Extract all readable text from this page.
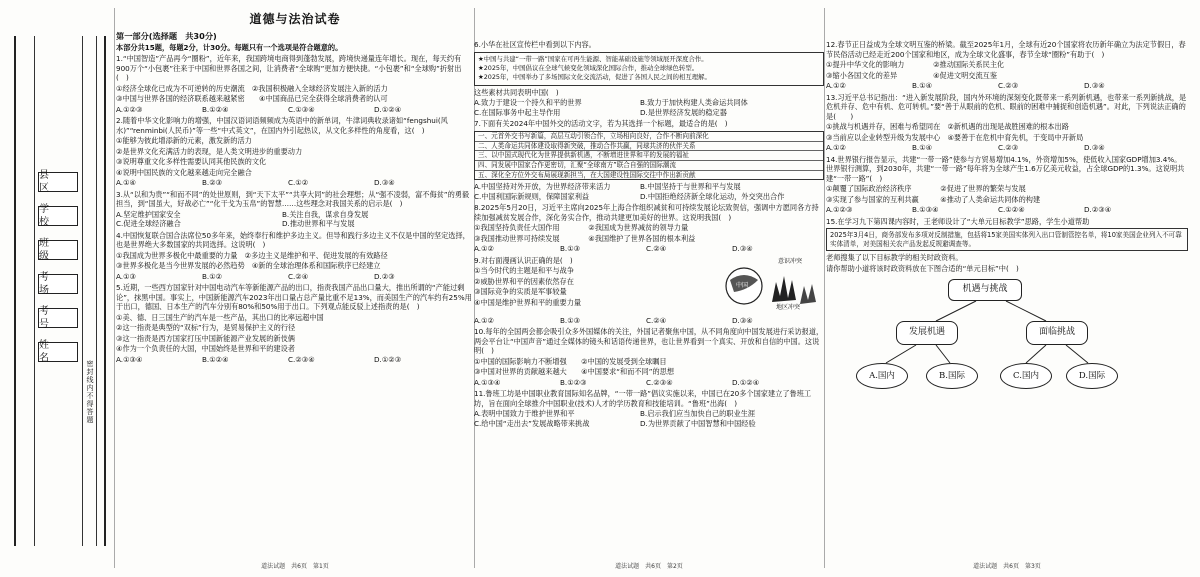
县　区
学　校
班　级
考　场
考　号
姓　名
密封线内不得答题
道德与法治试卷
第一部分(选择题　共30分)
本部分共15题，每题2分，计30分。每题只有一个选项是符合题意的。

1.“中国智造”产品再今“圈粉”，近年来，我国跨境电商得到蓬勃发展，跨境快递量连年增长。现在，每天约有900万个“小包裹”往来于中国和世界各国之间，让消费者“全球购”更加方便快捷。“小包裹”和“全球购”折射出(　)

①经济全球化已成为不可逆转的历史潮流　②我国积极融入全球经济发展注入新的活力

③中国与世界各国的经济联系越来越紧密　　④中国商品已完全获得全球消费者的认可

A.①②③	B.①②④	C.①③④	D.①②④

2.随着中华文化影响力的增强，中国汉语词语频频成为英语中的新单词，牛津词典收录诸如“fengshui(风水)”“renminbi(人民币)”等一些“中式英文”，在国内外引起热议，从文化多样性的角度看，这(　)

①能够为彼此增添新的元素，激发新的活力

②是世界文化充满活力的表现，是人类文明进步的重要动力

③说明尊重文化多样性需要认同其他民族的文化

④说明中国民族的文化越来越走向完全融合

A.①④	B.②③	C.①②	D.③④

3.从“以和为贵”“和而不同”的处世原则，到“天下太平”“共享大同”的社会理想；从“强不凌弱，富不侮贫”的勇毅担当，到“国虽大，好战必亡”“化干戈为玉帛”的智慧……这些理念对我国关系的启示是(　)

A.坚定维护国家安全	B.关注自我，谋求自身发展
C.促进全球经济融合	D.推动世界和平与发展

4.中国恢复联合国合法席位50多年来，始终奉行和维护多边主义。但导和践行多边主义不仅是中国的坚定选择，也是世界绝大多数国家的共同选择。这说明(　)

①我国成为世界多极化中最重要的力量　②多边主义是维护和平、促进发展的有效路径

③世界多极化是当今世界发展的必然趋势　④新的全球治理体系和国际秩序已经建立

A.①③	B.①②	C.②④	D.②③

5.近期，一些西方国家针对中国电动汽车等新能源产品的出口，指责我国产品出口量大，推出所谓的“产能过剩论”，抹黑中国。事实上，中国新能源汽车2023年出口量占总产量比重不足13%，而美国生产的汽车约有25%用于出口，德国、日本生产的汽车分别有80%和50%用于出口。下列观点能反驳上述指责的是(　)

①美、德、日三国生产的汽车是一些产品，其出口的比率远超中国

②这一指责是典型的“双标”行为，是贸易保护主义的行径

③这一指责是西方国家打压中国新能源产业发展的新伎俩

④作为一个负责任的大国，中国始终是世界和平的建设者

A.①③④	B.①②④	C.②③④	D.①②③
道法试题　共6页　第1页

6.小华在社区宣传栏中看到以下内容。

★中国与共建“一带一路”国家在可再生能源、智能基础设施等领域展开深度合作。

★2025年，中国倡议在全球气候变化领域深化国际合作，推动全球绿色转型。

★2025年，中国举办了多场国际文化交流活动，促进了各国人民之间的相互理解。

这些素材共同表明中国(　)

A.致力于建设一个持久和平的世界	B.致力于加快构建人类命运共同体
C.在国际事务中起主导作用	D.是世界经济发展的稳定器

7.下面有关2024年中国外交的活动文字，若为其选择一个标题，最适合的是(　)

一、元首外交书写新篇，高层互动引领合作，立场相向良好，合作不断向前深化
二、人类命运共同体建设取得新突破，推动合作共赢，同球共济的伙伴关系
三、以中国式现代化为世界提供新机遇，不断增进世界和平的发展的福祉
四、同发展中国家合作更密切，汇聚“全球南方”联合自强的国际潮流
五、深化全方位外交布局展现新担当，在大国建设性国际交往中作出新贡献
A.中国坚持对外开放，为世界经济带来活力	B.中国坚持于与世界和平与发展
C.中国利国际新规则，保障国家利益	D.中国拒绝经济新全球化运动，外交突出合作

8.2025年5月20日，习近平主席向2025年上海合作组织减贫和可持续发展论坛致贺信，强调中方愿同各方持续加强减贫发展合作，深化务实合作，推动共建更加美好的世界。这说明我国(　)

①我国坚持负责任大国作用　　　　②我国成为世界减贫的领导力量

③我国推动世界可持续发展　　　　④我国维护了世界各国的根本利益

A.①②	B.①③	C.②④	D.③④
意识冲突
中国
地区冲突

9.对右面漫画认识正确的是(　)

①当今时代的主题是和平与战争

②威胁世界和平的因素依然存在

③国际竞争的实质是军事较量

④中国是维护世界和平的重要力量

A.①②	B.①③	C.②④	D.③④

10.每年的全国两会都会吸引众多外国媒体的关注，外国记者聚焦中国，从不同角度向中国发展进行采访报道，两会平台让“中国声音”通过全媒体的镜头和话语传递世界，也让世界看到一个真实、开放和自信的中国。这说明(　)

①中国的国际影响力不断增强　　②中国的发展受到全球瞩目

③中国对世界的贡献越来越大　　④中国要求“和而不同”的思想

A.①③④	B.①②③	C.②③④	D.①②④

11.鲁班工坊是中国职业教育国际知名品牌，“一带一路”倡议实施以来，中国已在20多个国家建立了鲁班工坊，旨在面向全球推介中国职业(技术)人才的学历教育和技能培训。“鲁班”出海(　)

A.表明中国致力于维护世界和平	B.启示我们应当加快自己的职业生涯
C.给中国“走出去”发展战略带来挑战	D.为世界贡献了中国智慧和中国经验
道法试题　共6页　第2页

12.春节正日益成为全球文明互鉴的桥梁。截至2025年1月，全球有近20个国家将农历新年确立为法定节假日，春节民俗活动已经走近200个国家和地区，成为全球文化盛事，春节全球“圈粉”有助于(　)

①提升中华文化的影响力　　　　②推动国际关系民主化

③缩小各国文化的差异　　　　　④促进文明交流互鉴

A.①②	B.①④	C.②③	D.③④

13.习近平总书记指出：“进入新发展阶段，国内外环境的深刻变化既带来一系列新机遇，也带来一系列新挑战，是危机并存、危中有机、危可转机。”要“善于从眼前的危机、眼前的困难中捕捉和创造机遇”。对此，下列说法正确的是(　　)

①挑战与机遇并存，困难与希望同在　②新机遇的出现是战胜困难的根本出路

③当前应以企业转型升级为发展中心　④要善于在危机中育先机，于变局中开新局

A.①②	B.①④	C.②③	D.③④

14.世界银行报告显示，共建“一带一路”使参与方贸易增加4.1%，外资增加5%，使低收入国家GDP增加3.4%。世界银行测算，到2030年，共建“一带一路”每年将为全球产生1.6万亿美元收益，占全球GDP的1.3%。这说明共建“一带一路”(　)

①颠覆了国际政治经济秩序　　　　②促进了世界的繁荣与发展

③实现了参与国家的互利共赢　　　④推动了人类命运共同体的构建

A.①②③	B.①③④	C.①②④	D.②③④

15.在学习九下第四课内容时，王老师设计了“大单元目标教学”思路，学生小道帮助

2025年3月4日，商务部发布多项对反制措施，包括将15家美国实体列入出口管制管控名单，将10家美国企业列入不可靠实体清单，对美国相关农产品发起反规避调查等。

老师搜集了以下目标教学的相关时政资料。

请你帮助小道将该时政资料放在下图合适的“单元目标”中(　)

机遇与挑战
发展机遇	面临挑战
A.国内	B.国际	C.国内	D.国际
道法试题　共6页　第3页
